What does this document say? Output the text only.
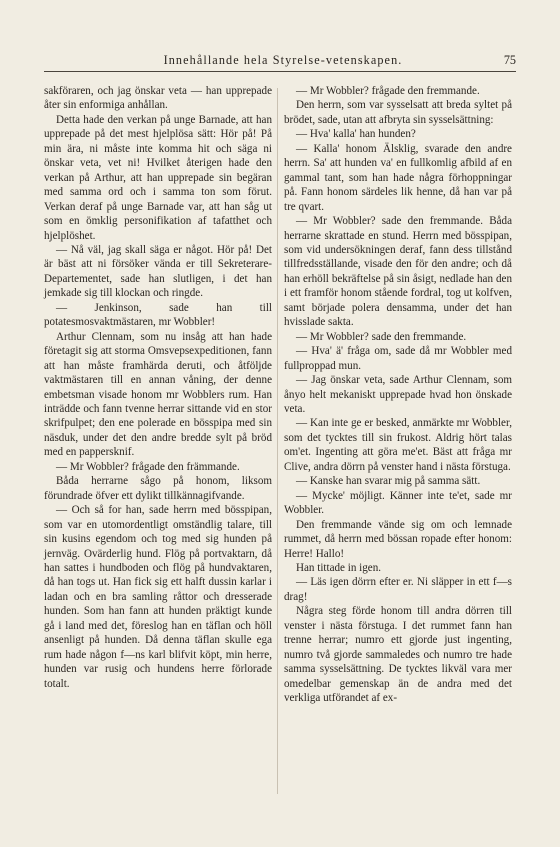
Innehållande hela Styrelse-vetenskapen.	75

sakföraren, och jag önskar veta — han upprepade åter sin enformiga anhållan.

Detta hade den verkan på unge Barnade, att han upprepade på det mest hjelplösa sätt: Hör på! På min ära, ni måste inte komma hit och säga ni önskar veta, vet ni! Hvilket återigen hade den verkan på Arthur, att han upprepade sin begäran med samma ord och i samma ton som förut. Verkan deraf på unge Barnade var, att han såg ut som en ömklig personifikation af tafatthet och hjelplöshet.

— Nå väl, jag skall säga er något. Hör på! Det är bäst att ni försöker vända er till Sekreterare-Departementet, sade han slutligen, i det han jemkade sig till klockan och ringde.

— Jenkinson, sade han till potatesmosvaktmästaren, mr Wobbler!

Arthur Clennam, som nu insåg att han hade företagit sig att storma Omsvepsexpeditionen, fann att han måste framhärda deruti, och åtföljde vaktmästaren till en annan våning, der denne embetsman visade honom mr Wobblers rum. Han inträdde och fann tvenne herrar sittande vid en stor skrifpulpet; den ene polerade en bösspipa med sin näsduk, under det den andre bredde sylt på bröd med en pappersknif.

— Mr Wobbler? frågade den främmande.

Båda herrarne sågo på honom, liksom förundrade öfver ett dylikt tillkännagifvande.

— Och så for han, sade herrn med bösspipan, som var en utomordentligt omständlig talare, till sin kusins egendom och tog med sig hunden på jernväg. Ovärderlig hund. Flög på portvaktarn, då han sattes i hundboden och flög på hundvaktaren, då han togs ut. Han fick sig ett halft dussin karlar i ladan och en bra samling råttor och dresserade hunden. Som han fann att hunden präktigt kunde gå i land med det, föreslog han en täflan och höll ansenligt på hunden. Då denna täflan skulle ega rum hade någon f—ns karl blifvit köpt, min herre, hunden var rusig och hundens herre förlorade totalt.

— Mr Wobbler? frågade den fremmande.

Den herrn, som var sysselsatt att breda syltet på brödet, sade, utan att afbryta sin sysselsättning:

— Hva' kalla' han hunden?

— Kalla' honom Älsklig, svarade den andre herrn. Sa' att hunden va' en fullkomlig afbild af en gammal tant, som han hade några förhoppningar på. Fann honom särdeles lik henne, då han var på tre qvart.

— Mr Wobbler? sade den fremmande. Båda herrarne skrattade en stund. Herrn med bösspipan, som vid undersökningen deraf, fann dess tillstånd tillfredsställande, visade den för den andre; och då han erhöll bekräftelse på sin åsigt, nedlade han den i ett framför honom stående fordral, tog ut kolfven, samt började polera densamma, under det han hvisslade sakta.

— Mr Wobbler? sade den fremmande.

— Hva' ä' fråga om, sade då mr Wobbler med fullproppad mun.

— Jag önskar veta, sade Arthur Clennam, som ånyo helt mekaniskt upprepade hvad hon önskade veta.

— Kan inte ge er besked, anmärkte mr Wobbler, som det tycktes till sin frukost. Aldrig hört talas om'et. Ingenting att göra me'et. Bäst att fråga mr Clive, andra dörrn på venster hand i nästa förstuga.

— Kanske han svarar mig på samma sätt.

— Mycke' möjligt. Känner inte te'et, sade mr Wobbler.

Den fremmande vände sig om och lemnade rummet, då herrn med bössan ropade efter honom: Herre! Hallo!

Han tittade in igen.

— Läs igen dörrn efter er. Ni släpper in ett f—s drag!

Några steg förde honom till andra dörren till venster i nästa förstuga. I det rummet fann han trenne herrar; numro ett gjorde just ingenting, numro två gjorde sammaledes och numro tre hade samma sysselsättning. De tycktes likväl vara mer omedelbar gemenskap än de andra med det verkliga utförandet af ex-
